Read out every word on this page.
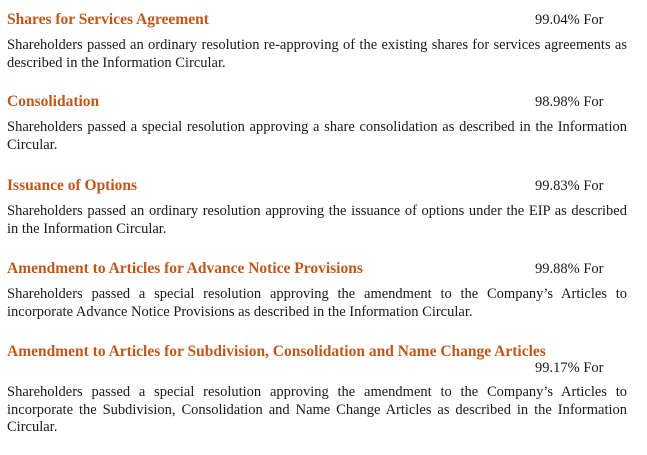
Shares for Services Agreement	99.04% For
Shareholders passed an ordinary resolution re-approving of the existing shares for services agreements as described in the Information Circular.
Consolidation	98.98% For
Shareholders passed a special resolution approving a share consolidation as described in the Information Circular.
Issuance of Options	99.83% For
Shareholders passed an ordinary resolution approving the issuance of options under the EIP as described in the Information Circular.
Amendment to Articles for Advance Notice Provisions	99.88% For
Shareholders passed a special resolution approving the amendment to the Company’s Articles to incorporate Advance Notice Provisions as described in the Information Circular.
Amendment to Articles for Subdivision, Consolidation and Name Change Articles
99.17% For
Shareholders passed a special resolution approving the amendment to the Company’s Articles to incorporate the Subdivision, Consolidation and Name Change Articles as described in the Information Circular.
